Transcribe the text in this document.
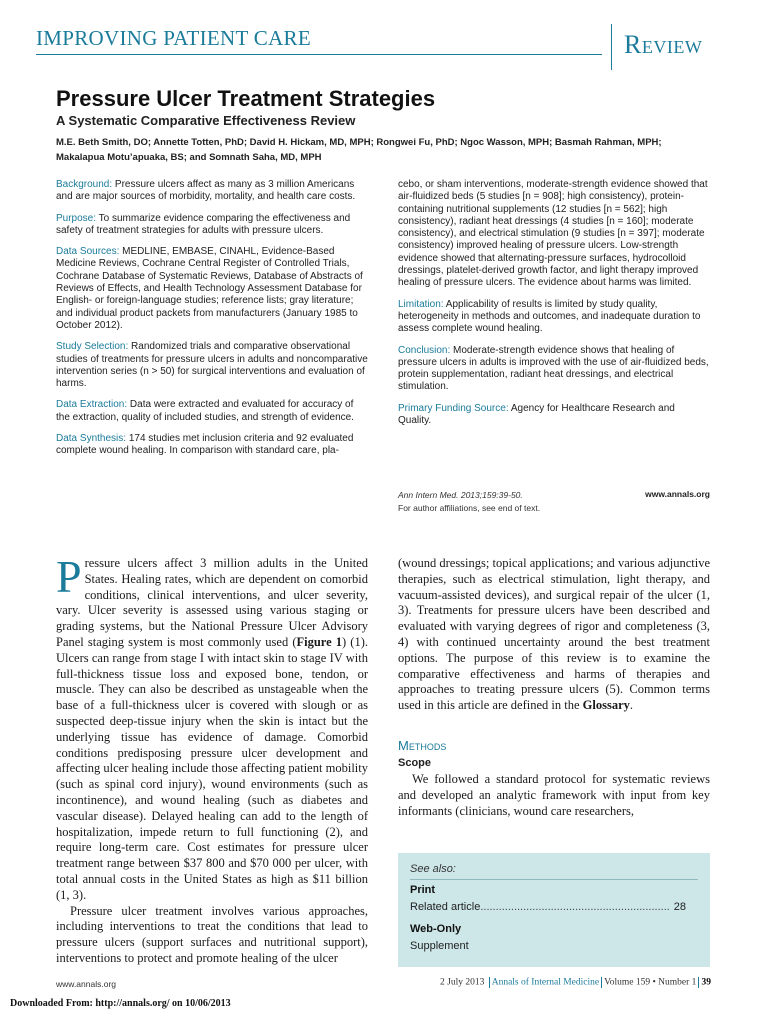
IMPROVING PATIENT CARE	Review
Pressure Ulcer Treatment Strategies
A Systematic Comparative Effectiveness Review
M.E. Beth Smith, DO; Annette Totten, PhD; David H. Hickam, MD, MPH; Rongwei Fu, PhD; Ngoc Wasson, MPH; Basmah Rahman, MPH; Makalapua Motu’apuaka, BS; and Somnath Saha, MD, MPH

Background: Pressure ulcers affect as many as 3 million Americans and are major sources of morbidity, mortality, and health care costs.

Purpose: To summarize evidence comparing the effectiveness and safety of treatment strategies for adults with pressure ulcers.

Data Sources: MEDLINE, EMBASE, CINAHL, Evidence-Based Medicine Reviews, Cochrane Central Register of Controlled Trials, Cochrane Database of Systematic Reviews, Database of Abstracts of Reviews of Effects, and Health Technology Assessment Database for English- or foreign-language studies; reference lists; gray literature; and individual product packets from manufacturers (January 1985 to October 2012).

Study Selection: Randomized trials and comparative observational studies of treatments for pressure ulcers in adults and noncomparative intervention series (n > 50) for surgical interventions and evaluation of harms.

Data Extraction: Data were extracted and evaluated for accuracy of the extraction, quality of included studies, and strength of evidence.

Data Synthesis: 174 studies met inclusion criteria and 92 evaluated complete wound healing. In comparison with standard care, pla-

cebo, or sham interventions, moderate-strength evidence showed that air-fluidized beds (5 studies [n = 908]; high consistency), protein-containing nutritional supplements (12 studies [n = 562]; high consistency), radiant heat dressings (4 studies [n = 160]; moderate consistency), and electrical stimulation (9 studies [n = 397]; moderate consistency) improved healing of pressure ulcers. Low-strength evidence showed that alternating-pressure surfaces, hydrocolloid dressings, platelet-derived growth factor, and light therapy improved healing of pressure ulcers. The evidence about harms was limited.

Limitation: Applicability of results is limited by study quality, heterogeneity in methods and outcomes, and inadequate duration to assess complete wound healing.

Conclusion: Moderate-strength evidence shows that healing of pressure ulcers in adults is improved with the use of air-fluidized beds, protein supplementation, radiant heat dressings, and electrical stimulation.

Primary Funding Source: Agency for Healthcare Research and Quality.

Ann Intern Med. 2013;159:39-50.
For author affiliations, see end of text.
www.annals.org

Pressure ulcers affect 3 million adults in the United States. Healing rates, which are dependent on comorbid conditions, clinical interventions, and ulcer severity, vary. Ulcer severity is assessed using various staging or grading systems, but the National Pressure Ulcer Advisory Panel staging system is most commonly used (Figure 1) (1). Ulcers can range from stage I with intact skin to stage IV with full-thickness tissue loss and exposed bone, tendon, or muscle. They can also be described as unstageable when the base of a full-thickness ulcer is covered with slough or as suspected deep-tissue injury when the skin is intact but the underlying tissue has evidence of damage. Comorbid conditions predisposing pressure ulcer development and affecting ulcer healing include those affecting patient mobility (such as spinal cord injury), wound environments (such as incontinence), and wound healing (such as diabetes and vascular disease). Delayed healing can add to the length of hospitalization, impede return to full functioning (2), and require long-term care. Cost estimates for pressure ulcer treatment range between $37 800 and $70 000 per ulcer, with total annual costs in the United States as high as $11 billion (1, 3).

Pressure ulcer treatment involves various approaches, including interventions to treat the conditions that lead to pressure ulcers (support surfaces and nutritional support), interventions to protect and promote healing of the ulcer

(wound dressings; topical applications; and various adjunctive therapies, such as electrical stimulation, light therapy, and vacuum-assisted devices), and surgical repair of the ulcer (1, 3). Treatments for pressure ulcers have been described and evaluated with varying degrees of rigor and completeness (3, 4) with continued uncertainty around the best treatment options. The purpose of this review is to examine the comparative effectiveness and harms of therapies and approaches to treating pressure ulcers (5). Common terms used in this article are defined in the Glossary.

Methods
Scope

We followed a standard protocol for systematic reviews and developed an analytic framework with input from key informants (clinicians, wound care researchers,

See also:
Print
Related article .............................................................. 28
Web-Only
Supplement
www.annals.org	2 July 2013 Annals of Internal Medicine Volume 159 • Number 1 39
Downloaded From: http://annals.org/ on 10/06/2013
